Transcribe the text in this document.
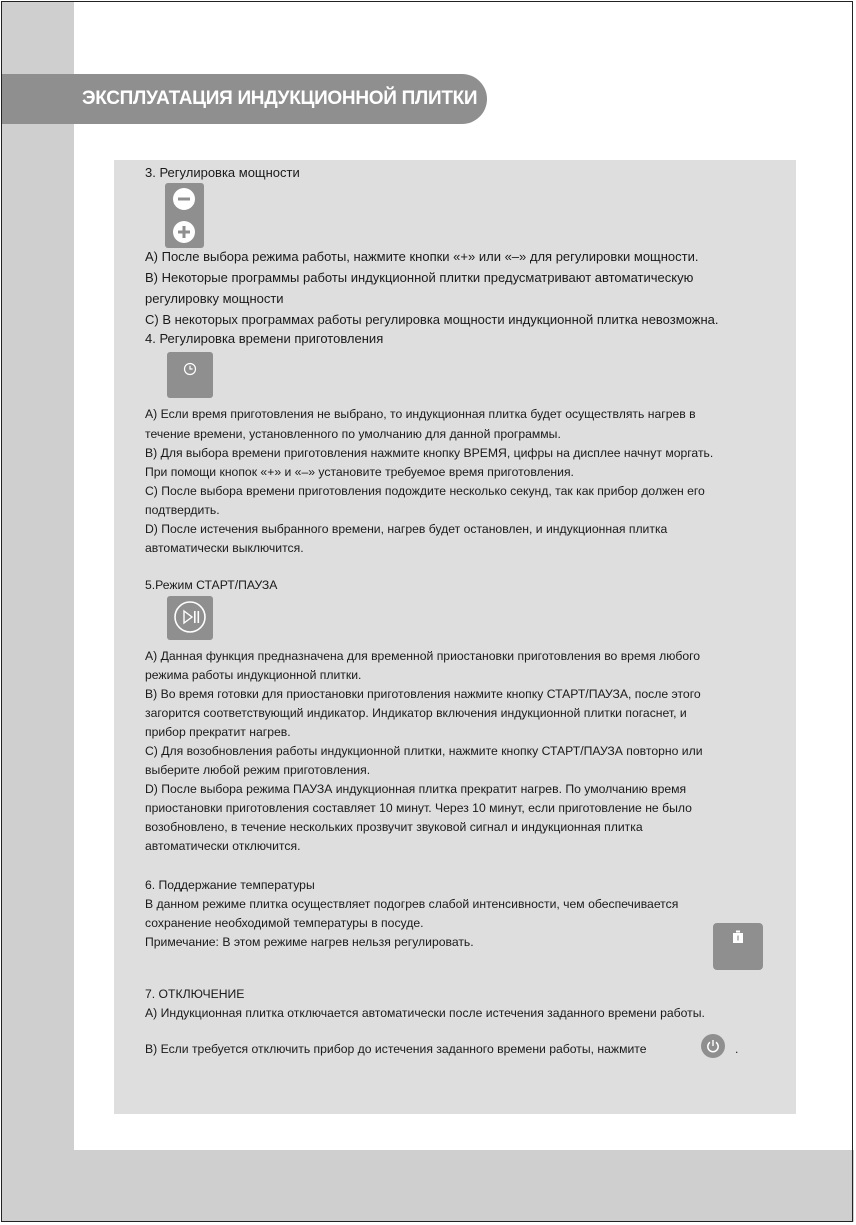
ЭКСПЛУАТАЦИЯ ИНДУКЦИОННОЙ ПЛИТКИ
3. Регулировка мощности
А) После выбора режима работы, нажмите кнопки «+» или «–» для регулировки мощности.
В) Некоторые программы работы индукционной плитки предусматривают автоматическую
регулировку мощности
С) В некоторых программах работы регулировка мощности индукционной плитка невозможна.
4. Регулировка времени приготовления
А) Если время приготовления не выбрано, то индукционная плитка будет осуществлять нагрев в
течение времени, установленного по умолчанию для данной программы.
В) Для выбора времени приготовления нажмите кнопку ВРЕМЯ, цифры на дисплее начнут моргать.
При помощи кнопок «+» и «–» установите требуемое время приготовления.
С) После выбора времени приготовления подождите несколько секунд, так как прибор должен его
подтвердить.
D) После истечения выбранного времени, нагрев будет остановлен, и индукционная плитка
автоматически выключится.
5.Режим СТАРТ/ПАУЗА
А) Данная функция предназначена для временной приостановки приготовления во время любого
режима работы индукционной плитки.
В) Во время готовки для приостановки приготовления нажмите кнопку СТАРТ/ПАУЗА, после этого
загорится соответствующий индикатор. Индикатор включения индукционной плитки погаснет, и
прибор прекратит нагрев.
С) Для возобновления работы индукционной плитки, нажмите кнопку СТАРТ/ПАУЗА повторно или
выберите любой режим приготовления.
D) После выбора режима ПАУЗА индукционная плитка прекратит нагрев. По умолчанию время
приостановки приготовления составляет 10 минут. Через 10 минут, если приготовление не было
возобновлено, в течение нескольких прозвучит звуковой сигнал и индукционная плитка
автоматически отключится.
6. Поддержание температуры
В данном режиме плитка осуществляет подогрев слабой интенсивности, чем обеспечивается
сохранение необходимой температуры в посуде.
Примечание: В этом режиме нагрев нельзя регулировать.
7. ОТКЛЮЧЕНИЕ
А) Индукционная плитка отключается автоматически после истечения заданного времени работы.
В) Если требуется отключить прибор до истечения заданного времени работы, нажмите	.
